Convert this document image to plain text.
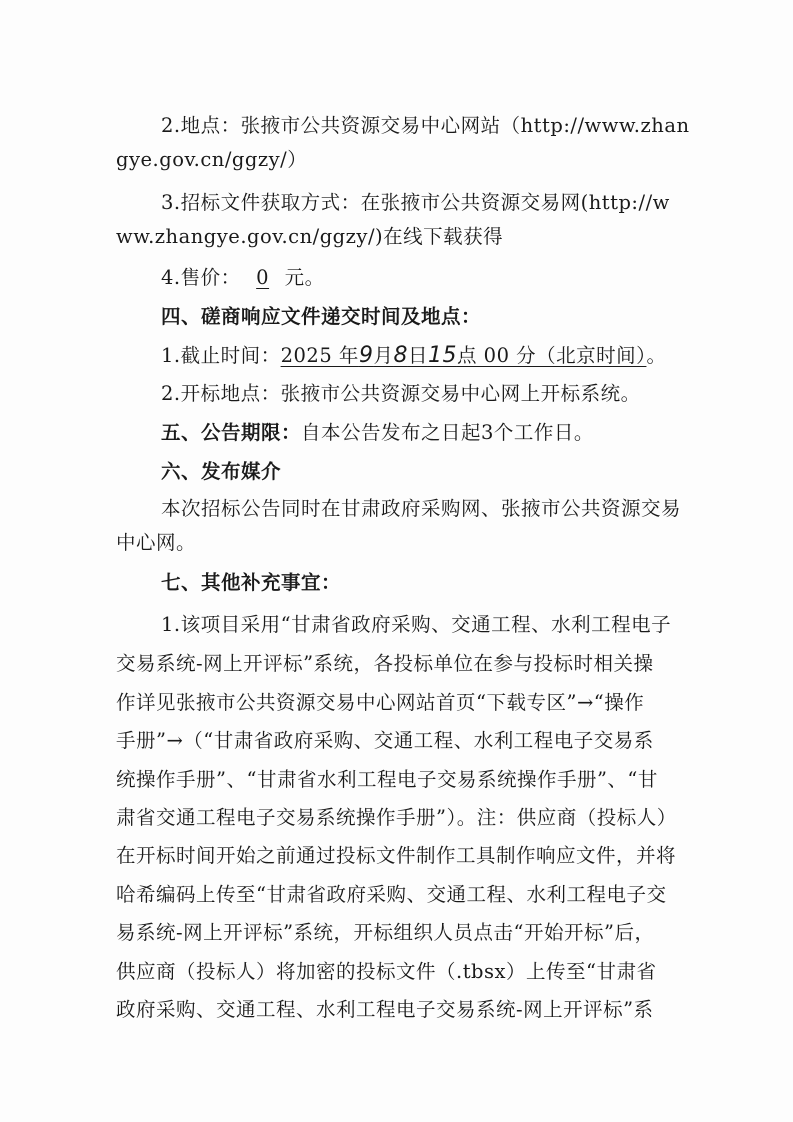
2.地点：张掖市公共资源交易中心网站（http://www.zhan
gye.gov.cn/ggzy/）
3.招标文件获取方式：在张掖市公共资源交易网(http://w
ww.zhangye.gov.cn/ggzy/)在线下载获得
4.售价： 0 元。
四、磋商响应文件递交时间及地点：
1.截止时间：2025 年9月8日15点 00 分（北京时间）。
2.开标地点：张掖市公共资源交易中心网上开标系统。
五、公告期限：自本公告发布之日起3个工作日。
六、发布媒介
本次招标公告同时在甘肃政府采购网、张掖市公共资源交易
中心网。
七、其他补充事宜：
1.该项目采用“甘肃省政府采购、交通工程、水利工程电子
交易系统-网上开评标”系统，各投标单位在参与投标时相关操
作详见张掖市公共资源交易中心网站首页“下载专区”→“操作
手册”→（“甘肃省政府采购、交通工程、水利工程电子交易系
统操作手册”、“甘肃省水利工程电子交易系统操作手册”、“甘
肃省交通工程电子交易系统操作手册”）。注：供应商（投标人）
在开标时间开始之前通过投标文件制作工具制作响应文件，并将
哈希编码上传至“甘肃省政府采购、交通工程、水利工程电子交
易系统-网上开评标”系统，开标组织人员点击“开始开标”后，
供应商（投标人）将加密的投标文件（.tbsx）上传至“甘肃省
政府采购、交通工程、水利工程电子交易系统-网上开评标”系
